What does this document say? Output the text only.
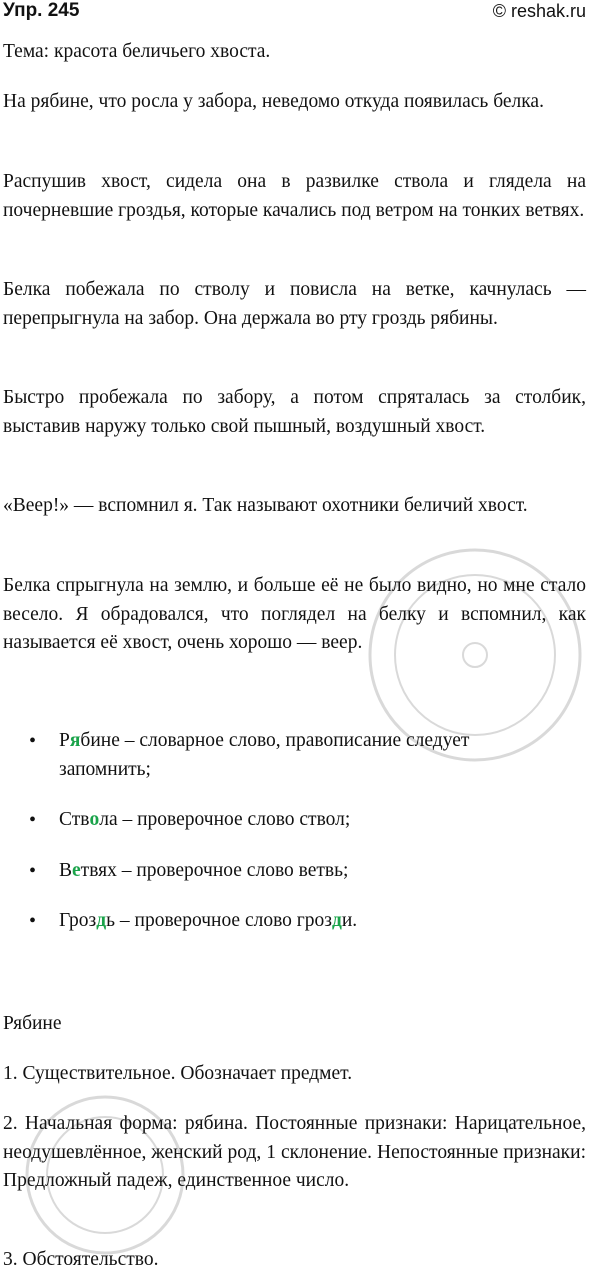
Упр. 245	© reshak.ru

Тема: красота беличьего хвоста.

На рябине, что росла у забора, неведомо откуда появилась белка.

Распушив хвост, сидела она в развилке ствола и глядела на почерневшие гроздья, которые качались под ветром на тонких ветвях.

Белка побежала по стволу и повисла на ветке, качнулась — перепрыгнула на забор. Она держала во рту гроздь рябины.

Быстро пробежала по забору, а потом спряталась за столбик, выставив наружу только свой пышный, воздушный хвост.

«Веер!» — вспомнил я. Так называют охотники беличий хвост.

Белка спрыгнула на землю, и больше её не было видно, но мне стало весело. Я обрадовался, что поглядел на белку и вспомнил, как называется её хвост, очень хорошо — веер.

• Рябине – словарное слово, правописание следует запомнить;
• Ствола – проверочное слово ствол;
• Ветвях – проверочное слово ветвь;
• Гроздь – проверочное слово грозди.

Рябине

1. Существительное. Обозначает предмет.

2. Начальная форма: рябина. Постоянные признаки: Нарицательное, неодушевлённое, женский род, 1 склонение. Непостоянные признаки: Предложный падеж, единственное число.

3. Обстоятельство.
